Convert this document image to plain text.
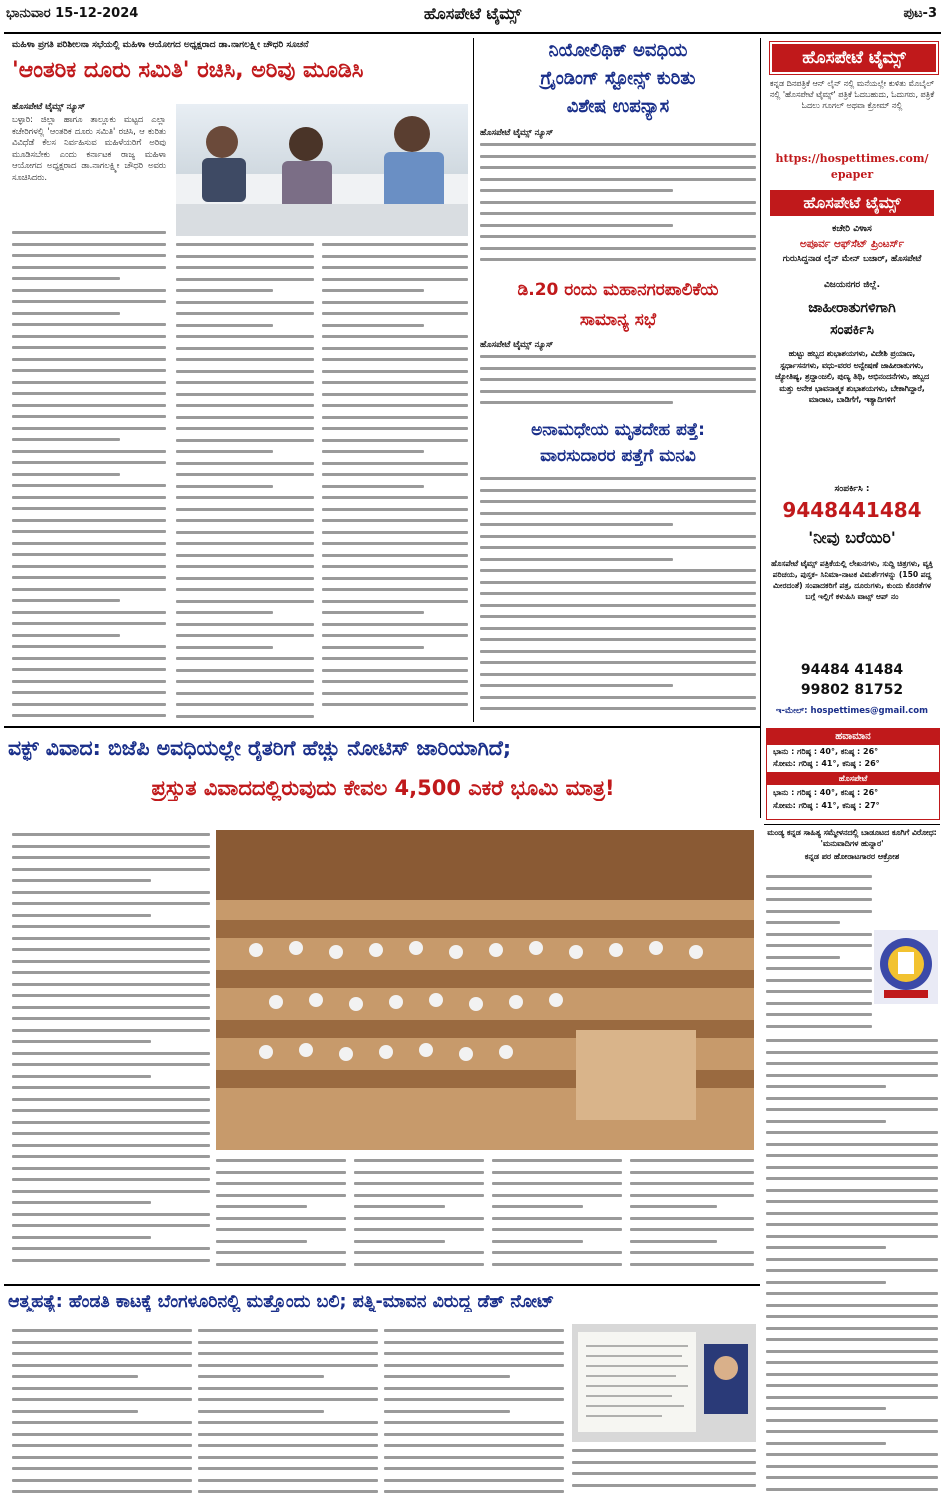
ಭಾನುವಾರ 15-12-2024	ಹೊಸಪೇಟೆ ಟೈಮ್ಸ್	ಪುಟ-3
ಮಹಿಳಾ ಪ್ರಗತಿ ಪರಿಶೀಲನಾ ಸಭೆಯಲ್ಲಿ ಮಹಿಳಾ ಆಯೋಗದ ಅಧ್ಯಕ್ಷರಾದ ಡಾ.ನಾಗಲಕ್ಷ್ಮೀ ಚೌಧರಿ ಸೂಚನೆ
'ಆಂತರಿಕ ದೂರು ಸಮಿತಿ' ರಚಿಸಿ, ಅರಿವು ಮೂಡಿಸಿ
ಹೊಸಪೇಟೆ ಟೈಮ್ಸ್ ನ್ಯೂಸ್
ಬಳ್ಳಾರಿ: ಜಿಲ್ಲಾ ಹಾಗೂ ತಾಲ್ಲೂಕು ಮಟ್ಟದ ಎಲ್ಲಾ ಕಚೇರಿಗಳಲ್ಲಿ 'ಆಂತರಿಕ ದೂರು ಸಮಿತಿ' ರಚಿಸಿ, ಆ ಕುರಿತು ವಿವಿಧೆಡೆ ಕೆಲಸ ನಿರ್ವಹಿಸುವ ಮಹಿಳೆಯರಿಗೆ ಅರಿವು ಮೂಡಿಸಬೇಕು ಎಂದು ಕರ್ನಾಟಕ ರಾಜ್ಯ ಮಹಿಳಾ ಆಯೋಗದ ಅಧ್ಯಕ್ಷರಾದ ಡಾ.ನಾಗಲಕ್ಷ್ಮೀ ಚೌಧರಿ ಅವರು ಸೂಚಿಸಿದರು.
ನಿಯೋಲಿಥಿಕ್ ಅವಧಿಯ
ಗ್ರೈಂಡಿಂಗ್ ಸ್ಟೋನ್ಸ್ ಕುರಿತು
ವಿಶೇಷ ಉಪನ್ಯಾಸ
ಹೊಸಪೇಟೆ ಟೈಮ್ಸ್ ನ್ಯೂಸ್
ಡಿ.20 ರಂದು ಮಹಾನಗರಪಾಲಿಕೆಯ
ಸಾಮಾನ್ಯ ಸಭೆ
ಹೊಸಪೇಟೆ ಟೈಮ್ಸ್ ನ್ಯೂಸ್
ಅನಾಮಧೇಯ ಮೃತದೇಹ ಪತ್ತೆ:
ವಾರಸುದಾರರ ಪತ್ತೆಗೆ ಮನವಿ
ಹೊಸಪೇಟೆ ಟೈಮ್ಸ್
ಕನ್ನಡ ದಿನಪತ್ರಿಕೆ ಆನ್ ಲೈನ್ ನಲ್ಲಿ ಮನೆಯಲ್ಲೇ ಕುಳಿತು ಮೊಬೈಲ್ ನಲ್ಲಿ 'ಹೊಸಪೇಟೆ ಟೈಮ್ಸ್' ಪತ್ರಿಕೆ ಓದಬಹುದು, ಓದುಗರು, ಪತ್ರಿಕೆ ಓದಲು ಗೂಗಲ್ ಅಥವಾ ಕ್ರೋಮ್ ನಲ್ಲಿ
https://hospettimes.com/
epaper
ಹೊಸಪೇಟೆ ಟೈಮ್ಸ್
ಕಚೇರಿ ವಿಳಾಸ
ಅಪೂರ್ವ ಆಫ್‌ಸೆಟ್ ಪ್ರಿಂಟರ್ಸ್
ಗುರುಸಿದ್ದನಾಡ ಲೈನ್ ಮೇನ್ ಬಜಾರ್, ಹೊಸಪೇಟೆ
ವಿಜಯನಗರ ಜಿಲ್ಲೆ.
ಜಾಹೀರಾತುಗಳಿಗಾಗಿ
ಸಂಪರ್ಕಿಸಿ
ಹುಟ್ಟು ಹಬ್ಬದ ಶುಭಾಶಯಗಳು, ವಿದೇಶಿ ಪ್ರಯಾಣ, ಸ್ಪರ್ಧಾಸನಗಳು, ವಧು-ವರರ ಅನ್ವೇಷಣೆ ಜಾಹೀರಾತುಗಳು, ಜ್ಯೋತಿಷ್ಯ, ಶ್ರದ್ದಾಂಜಲಿ, ಪುಣ್ಯ ತಿಥಿ, ಅಭಿನಂದನೆಗಳು, ಹಬ್ಬದ ಮತ್ತು ಅನೇಕ ಭಾವನಾತ್ಮಕ ಶುಭಾಶಯಗಳು, ಬೇಕಾಗಿದ್ದಾರೆ, ಮಾರಾಟ, ಬಾಡಿಗೆಗೆ, ಇತ್ಯಾದಿಗಳಿಗೆ
ಸಂಪರ್ಕಿಸಿ :
9448441484
'ನೀವು ಬರೆಯಿರಿ'
ಹೊಸಪೇಟೆ ಟೈಮ್ಸ್ ಪತ್ರಿಕೆಯಲ್ಲಿ ಲೇಖನಗಳು, ಸುದ್ದಿ ಚಿತ್ರಗಳು, ವ್ಯಕ್ತಿ ಪರಿಚಯ, ಪುಸ್ತಕ- ಸಿನಿಮಾ-ನಾಟಕ ವಿಮರ್ಶೆಗಳನ್ನು (150 ಪದ್ದ ಮೀರದಂತೆ) ಸಂಪಾದಕರಿಗೆ ಪತ್ರ, ದೂರುಗಳು, ಕುಂದು ಕೊರತೆಗಳ ಬಗ್ಗೆ ಇಲ್ಲಿಗೆ ಕಳುಹಿಸಿ ವಾಟ್ಸ್ ಆಪ್ ನಂ
94484 41484
99802 81752
ಇ-ಮೇಲ್: hospettimes@gmail.com
ಹವಾಮಾನ
ಭಾನು : ಗರಿಷ್ಠ : 40°, ಕನಿಷ್ಠ : 26°
ಸೋಮ: ಗರಿಷ್ಠ : 41°, ಕನಿಷ್ಠ : 26°
ಹೊಸಪೇಟೆ
ಭಾನು : ಗರಿಷ್ಠ : 40°, ಕನಿಷ್ಠ : 26°
ಸೋಮ: ಗರಿಷ್ಠ : 41°, ಕನಿಷ್ಠ : 27°
ವಕ್ಫ್ ವಿವಾದ: ಬಿಜೆಪಿ ಅವಧಿಯಲ್ಲೇ ರೈತರಿಗೆ ಹೆಚ್ಚು ನೋಟಿಸ್ ಜಾರಿಯಾಗಿದೆ;
ಪ್ರಸ್ತುತ ವಿವಾದದಲ್ಲಿರುವುದು ಕೇವಲ 4,500 ಎಕರೆ ಭೂಮಿ ಮಾತ್ರ!
ಮಂಡ್ಯ ಕನ್ನಡ ಸಾಹಿತ್ಯ ಸಮ್ಮೇಳನದಲ್ಲಿ ಬಾಡೂಟದ ಕೂಗಿಗೆ ವಿರೋಧ: 'ಮನುವಾದಿಗಳ ಹುನ್ನಾರ'
ಕನ್ನಡ ಪರ ಹೋರಾಟಗಾರರ ಆಕ್ರೋಶ
ಆತ್ಮಹತ್ಯೆ: ಹೆಂಡತಿ ಕಾಟಕ್ಕೆ ಬೆಂಗಳೂರಿನಲ್ಲಿ ಮತ್ತೊಂದು ಬಲಿ; ಪತ್ನಿ-ಮಾವನ ವಿರುದ್ಧ ಡೆತ್ ನೋಟ್
